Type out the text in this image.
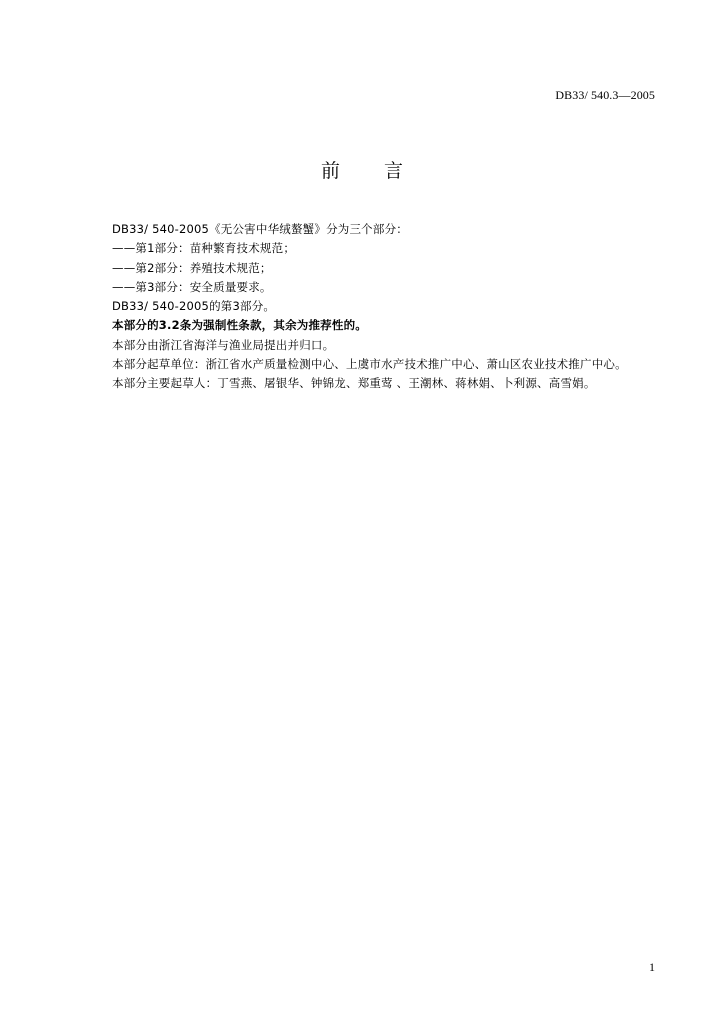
DB33/ 540.3—2005
前 言
DB33/ 540-2005《无公害中华绒螯蟹》分为三个部分：
——第1部分：苗种繁育技术规范；
——第2部分：养殖技术规范；
——第3部分：安全质量要求。
DB33/ 540-2005的第3部分。
本部分的3.2条为强制性条款，其余为推荐性的。
本部分由浙江省海洋与渔业局提出并归口。
本部分起草单位：浙江省水产质量检测中心、上虞市水产技术推广中心、萧山区农业技术推广中心。
本部分主要起草人：丁雪燕、屠银华、钟锦龙、郑重莺 、王潮林、蒋林娟、卜利源、高雪娟。
1
